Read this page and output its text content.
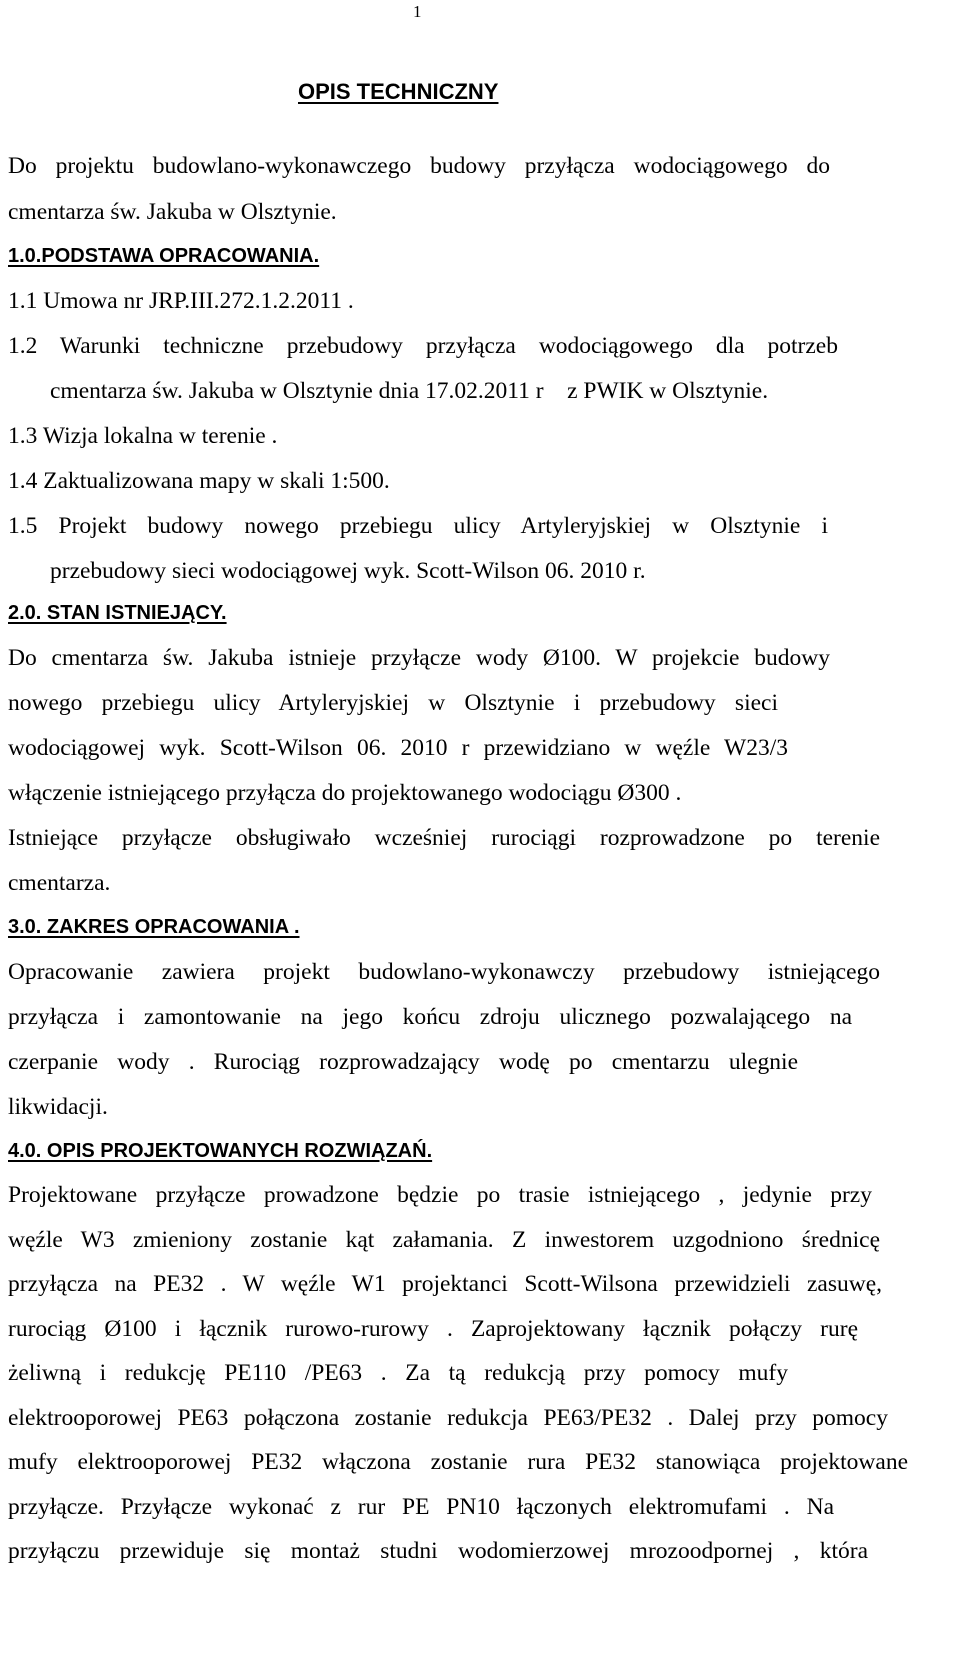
1
OPIS TECHNICZNY
Do projektu budowlano-wykonawczego budowy przyłącza wodociągowego do
cmentarza św. Jakuba w Olsztynie.
1.0.PODSTAWA OPRACOWANIA.
1.1 Umowa nr JRP.III.272.1.2.2011 .
1.2 Warunki techniczne przebudowy przyłącza wodociągowego dla potrzeb
cmentarza św. Jakuba w Olsztynie dnia 17.02.2011 r    z PWIK w Olsztynie.
1.3 Wizja lokalna w terenie .
1.4 Zaktualizowana mapy w skali 1:500.
1.5 Projekt budowy nowego przebiegu ulicy Artyleryjskiej w Olsztynie i
przebudowy sieci wodociągowej wyk. Scott-Wilson 06. 2010 r.
2.0. STAN ISTNIEJĄCY.
Do cmentarza św. Jakuba istnieje przyłącze wody Ø100. W projekcie budowy
nowego przebiegu ulicy Artyleryjskiej w Olsztynie i przebudowy sieci
wodociągowej wyk. Scott-Wilson 06. 2010 r przewidziano w węźle W23/3
włączenie istniejącego przyłącza do projektowanego wodociągu Ø300 .
Istniejące przyłącze obsługiwało wcześniej rurociągi rozprowadzone po terenie
cmentarza.
3.0. ZAKRES OPRACOWANIA .
Opracowanie zawiera projekt budowlano-wykonawczy przebudowy istniejącego
przyłącza i zamontowanie na jego końcu zdroju ulicznego pozwalającego na
czerpanie wody . Rurociąg rozprowadzający wodę po cmentarzu ulegnie
likwidacji.
4.0. OPIS PROJEKTOWANYCH ROZWIĄZAŃ.
Projektowane przyłącze prowadzone będzie po trasie istniejącego , jedynie przy
węźle W3 zmieniony zostanie kąt załamania. Z inwestorem uzgodniono średnicę
przyłącza na PE32 . W węźle W1 projektanci Scott-Wilsona przewidzieli zasuwę,
rurociąg Ø100 i łącznik rurowo-rurowy . Zaprojektowany łącznik połączy rurę
żeliwną i redukcję PE110 /PE63 . Za tą redukcją przy pomocy mufy
elektrooporowej PE63 połączona zostanie redukcja PE63/PE32 . Dalej przy pomocy
mufy elektrooporowej PE32 włączona zostanie rura PE32 stanowiąca projektowane
przyłącze. Przyłącze wykonać z rur PE PN10 łączonych elektromufami . Na
przyłączu przewiduje się montaż studni wodomierzowej mrozoodpornej , która
